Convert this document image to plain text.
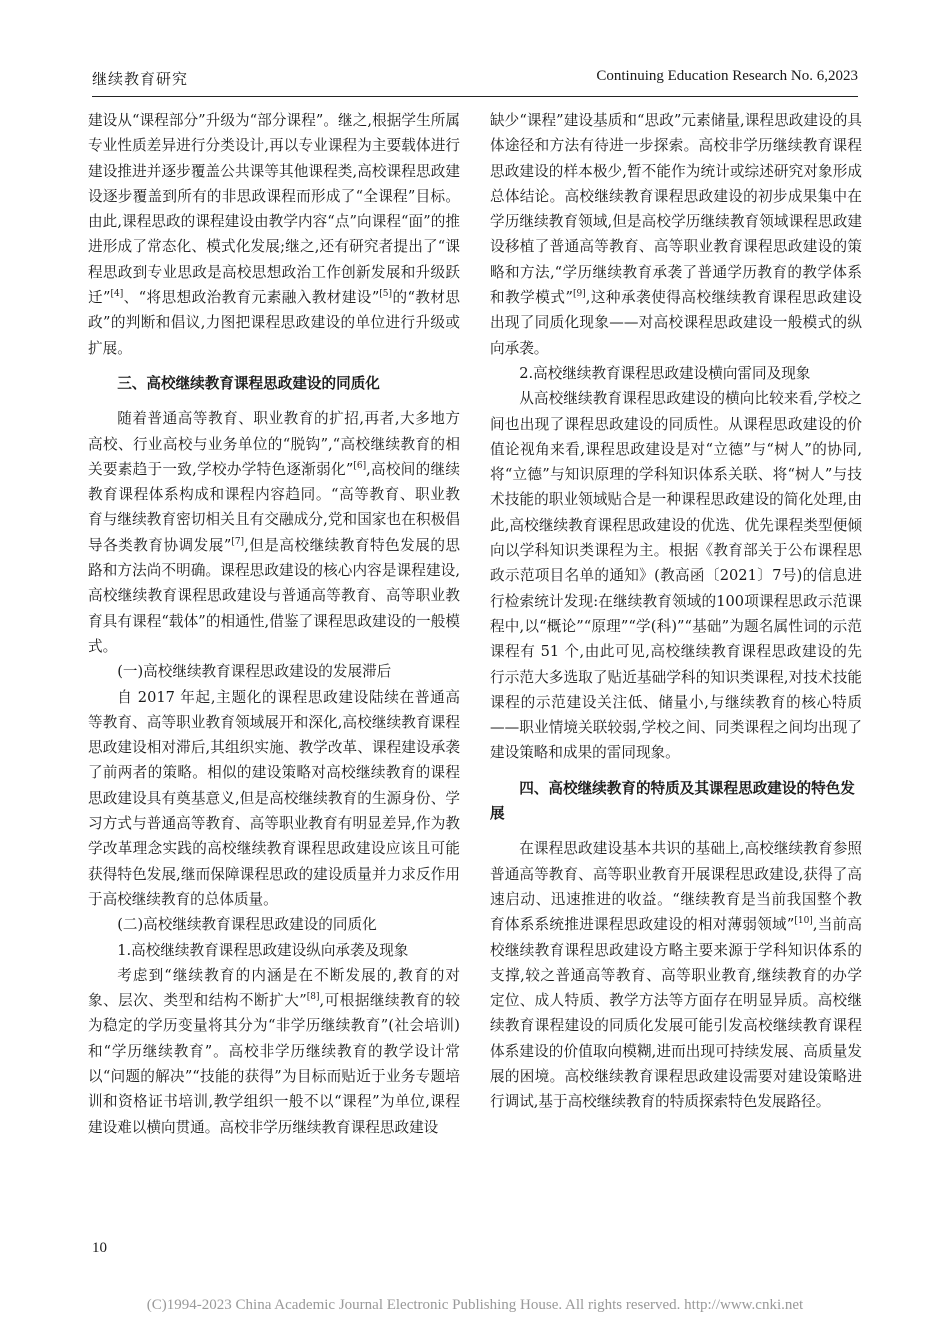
继续教育研究	Continuing Education Research No. 6,2023

建设从“课程部分”升级为“部分课程”。继之,根据学生所属专业性质差异进行分类设计,再以专业课程为主要载体进行建设推进并逐步覆盖公共课等其他课程类,高校课程思政建设逐步覆盖到所有的非思政课程而形成了“全课程”目标。由此,课程思政的课程建设由教学内容“点”向课程“面”的推进形成了常态化、模式化发展;继之,还有研究者提出了“课程思政到专业思政是高校思想政治工作创新发展和升级跃迁”[4]、“将思想政治教育元素融入教材建设”[5]的“教材思政”的判断和倡议,力图把课程思政建设的单位进行升级或扩展。

三、高校继续教育课程思政建设的同质化

随着普通高等教育、职业教育的扩招,再者,大多地方高校、行业高校与业务单位的“脱钩”,“高校继续教育的相关要素趋于一致,学校办学特色逐渐弱化”[6],高校间的继续教育课程体系构成和课程内容趋同。“高等教育、职业教育与继续教育密切相关且有交融成分,党和国家也在积极倡导各类教育协调发展”[7],但是高校继续教育特色发展的思路和方法尚不明确。课程思政建设的核心内容是课程建设,高校继续教育课程思政建设与普通高等教育、高等职业教育具有课程“载体”的相通性,借鉴了课程思政建设的一般模式。

(一)高校继续教育课程思政建设的发展滞后

自 2017 年起,主题化的课程思政建设陆续在普通高等教育、高等职业教育领域展开和深化,高校继续教育课程思政建设相对滞后,其组织实施、教学改革、课程建设承袭了前两者的策略。相似的建设策略对高校继续教育的课程思政建设具有奠基意义,但是高校继续教育的生源身份、学习方式与普通高等教育、高等职业教育有明显差异,作为教学改革理念实践的高校继续教育课程思政建设应该且可能获得特色发展,继而保障课程思政的建设质量并力求反作用于高校继续教育的总体质量。

(二)高校继续教育课程思政建设的同质化

1.高校继续教育课程思政建设纵向承袭及现象

考虑到“继续教育的内涵是在不断发展的,教育的对象、层次、类型和结构不断扩大”[8],可根据继续教育的较为稳定的学历变量将其分为“非学历继续教育”(社会培训)和“学历继续教育”。高校非学历继续教育的教学设计常以“问题的解决”“技能的获得”为目标而贴近于业务专题培训和资格证书培训,教学组织一般不以“课程”为单位,课程建设难以横向贯通。高校非学历继续教育课程思政建设

缺少“课程”建设基质和“思政”元素储量,课程思政建设的具体途径和方法有待进一步探索。高校非学历继续教育课程思政建设的样本极少,暂不能作为统计或综述研究对象形成总体结论。高校继续教育课程思政建设的初步成果集中在学历继续教育领域,但是高校学历继续教育领域课程思政建设移植了普通高等教育、高等职业教育课程思政建设的策略和方法,“学历继续教育承袭了普通学历教育的教学体系和教学模式”[9],这种承袭使得高校继续教育课程思政建设出现了同质化现象——对高校课程思政建设一般模式的纵向承袭。

2.高校继续教育课程思政建设横向雷同及现象

从高校继续教育课程思政建设的横向比较来看,学校之间也出现了课程思政建设的同质性。从课程思政建设的价值论视角来看,课程思政建设是对“立德”与“树人”的协同,将“立德”与知识原理的学科知识体系关联、将“树人”与技术技能的职业领域贴合是一种课程思政建设的简化处理,由此,高校继续教育课程思政建设的优选、优先课程类型便倾向以学科知识类课程为主。根据《教育部关于公布课程思政示范项目名单的通知》(教高函〔2021〕7号)的信息进行检索统计发现:在继续教育领域的100项课程思政示范课程中,以“概论”“原理”“学(科)”“基础”为题名属性词的示范课程有 51 个,由此可见,高校继续教育课程思政建设的先行示范大多选取了贴近基础学科的知识类课程,对技术技能课程的示范建设关注低、储量小,与继续教育的核心特质——职业情境关联较弱,学校之间、同类课程之间均出现了建设策略和成果的雷同现象。

四、高校继续教育的特质及其课程思政建设的特色发展

在课程思政建设基本共识的基础上,高校继续教育参照普通高等教育、高等职业教育开展课程思政建设,获得了高速启动、迅速推进的收益。“继续教育是当前我国整个教育体系系统推进课程思政建设的相对薄弱领域”[10],当前高校继续教育课程思政建设方略主要来源于学科知识体系的支撑,较之普通高等教育、高等职业教育,继续教育的办学定位、成人特质、教学方法等方面存在明显异质。高校继续教育课程建设的同质化发展可能引发高校继续教育课程体系建设的价值取向模糊,进而出现可持续发展、高质量发展的困境。高校继续教育课程思政建设需要对建设策略进行调试,基于高校继续教育的特质探索特色发展路径。

10
(C)1994-2023 China Academic Journal Electronic Publishing House. All rights reserved. http://www.cnki.net
